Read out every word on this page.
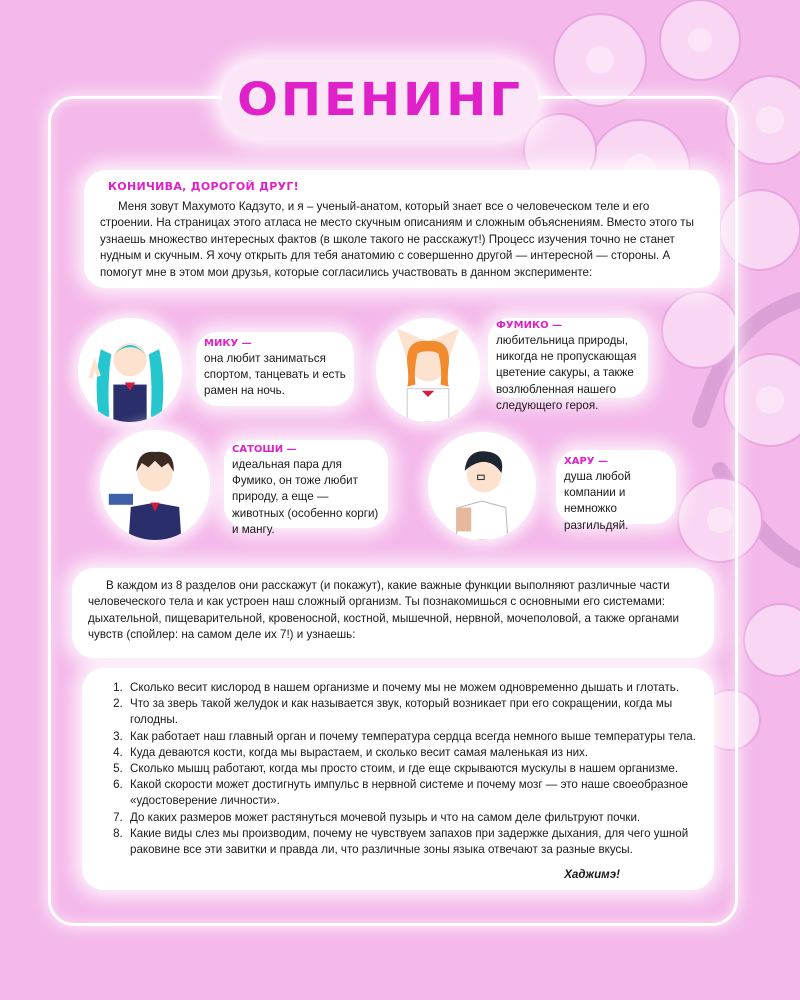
ОПЕНИНГ
КОНИЧИВА, ДОРОГОЙ ДРУГ!

Меня зовут Махумото Кадзуто, и я – ученый-анатом, который знает все о человеческом теле и его строении. На страницах этого атласа не место скучным описаниям и сложным объяснениям. Вместо этого ты узнаешь множество интересных фактов (в школе такого не расскажут!) Процесс изучения точно не станет нудным и скучным. Я хочу открыть для тебя анатомию с совершенно другой — интересной — стороны. А помогут мне в этом мои друзья, которые согласились участвовать в данном эксперименте:

МИКУ —
она любит заниматься спортом, танцевать и есть рамен на ночь.
ФУМИКО —
любительница природы, никогда не пропускающая цветение сакуры, а также возлюбленная нашего следующего героя.
САТОШИ —
идеальная пара для Фумико, он тоже любит природу, а еще — животных (особенно корги) и мангу.
ХАРУ —
душа любой компании и немножко разгильдяй.

В каждом из 8 разделов они расскажут (и покажут), какие важные функции выполняют различные части человеческого тела и как устроен наш сложный организм. Ты познакомишься с основными его системами: дыхательной, пищеварительной, кровеносной, костной, мышечной, нервной, мочеполовой, а также органами чувств (спойлер: на самом деле их 7!) и узнаешь:

1. Сколько весит кислород в нашем организме и почему мы не можем одновременно дышать и глотать.
2. Что за зверь такой желудок и как называется звук, который возникает при его сокращении, когда мы голодны.
3. Как работает наш главный орган и почему температура сердца всегда немного выше температуры тела.
4. Куда деваются кости, когда мы вырастаем, и сколько весит самая маленькая из них.
5. Сколько мышц работают, когда мы просто стоим, и где еще скрываются мускулы в нашем организме.
6. Какой скорости может достигнуть импульс в нервной системе и почему мозг — это наше своеобразное «удостоверение личности».
7. До каких размеров может растянуться мочевой пузырь и что на самом деле фильтруют почки.
8. Какие виды слез мы производим, почему не чувствуем запахов при задержке дыхания, для чего ушной раковине все эти завитки и правда ли, что различные зоны языка отвечают за разные вкусы.
Хаджимэ!
